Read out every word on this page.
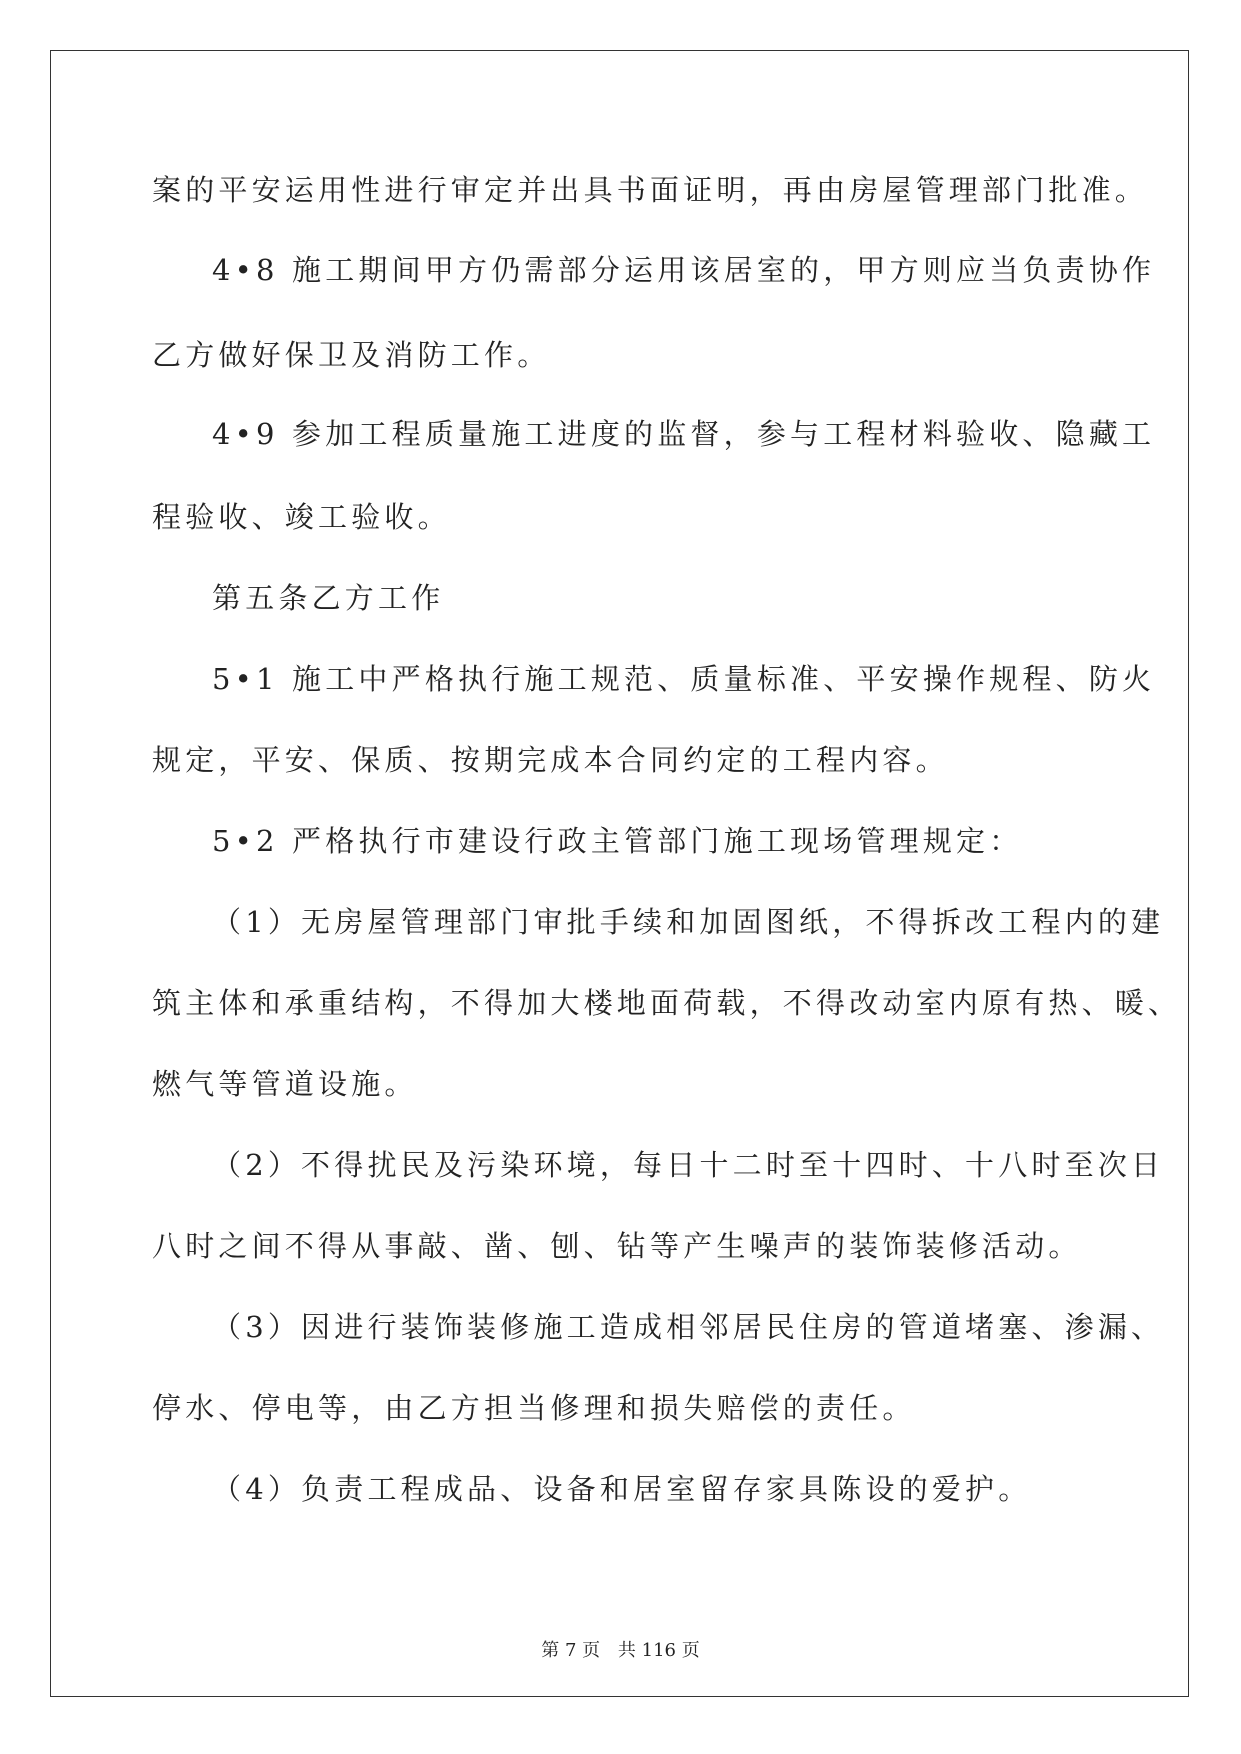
案的平安运用性进行审定并出具书面证明，再由房屋管理部门批准。
4•8 施工期间甲方仍需部分运用该居室的，甲方则应当负责协作
乙方做好保卫及消防工作。
4•9 参加工程质量施工进度的监督，参与工程材料验收、隐藏工
程验收、竣工验收。
第五条乙方工作
5•1 施工中严格执行施工规范、质量标准、平安操作规程、防火
规定，平安、保质、按期完成本合同约定的工程内容。
5•2 严格执行市建设行政主管部门施工现场管理规定：
（1）无房屋管理部门审批手续和加固图纸，不得拆改工程内的建
筑主体和承重结构，不得加大楼地面荷载，不得改动室内原有热、暖、
燃气等管道设施。
（2）不得扰民及污染环境，每日十二时至十四时、十八时至次日
八时之间不得从事敲、凿、刨、钻等产生噪声的装饰装修活动。
（3）因进行装饰装修施工造成相邻居民住房的管道堵塞、渗漏、
停水、停电等，由乙方担当修理和损失赔偿的责任。
（4）负责工程成品、设备和居室留存家具陈设的爱护。
第 7 页 共 116 页
